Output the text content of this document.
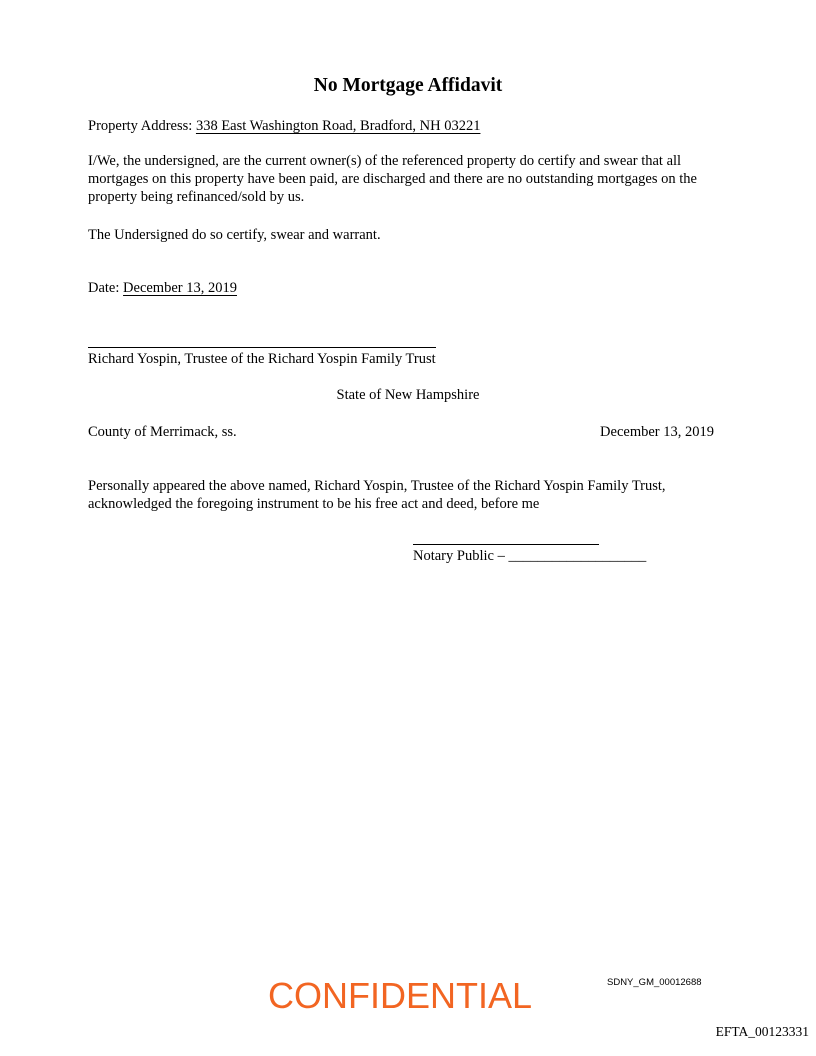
No Mortgage Affidavit
Property Address: 338 East Washington Road, Bradford, NH 03221
I/We, the undersigned, are the current owner(s) of the referenced property do certify and swear that all mortgages on this property have been paid, are discharged and there are no outstanding mortgages on the property being refinanced/sold by us.
The Undersigned do so certify, swear and warrant.
Date: December 13, 2019
Richard Yospin, Trustee of the Richard Yospin Family Trust
State of New Hampshire
County of Merrimack, ss.	December 13, 2019
Personally appeared the above named, Richard Yospin, Trustee of the Richard Yospin Family Trust, acknowledged the foregoing instrument to be his free act and deed, before me
Notary Public – ___________________
CONFIDENTIAL	SDNY_GM_00012688
EFTA_00123331
